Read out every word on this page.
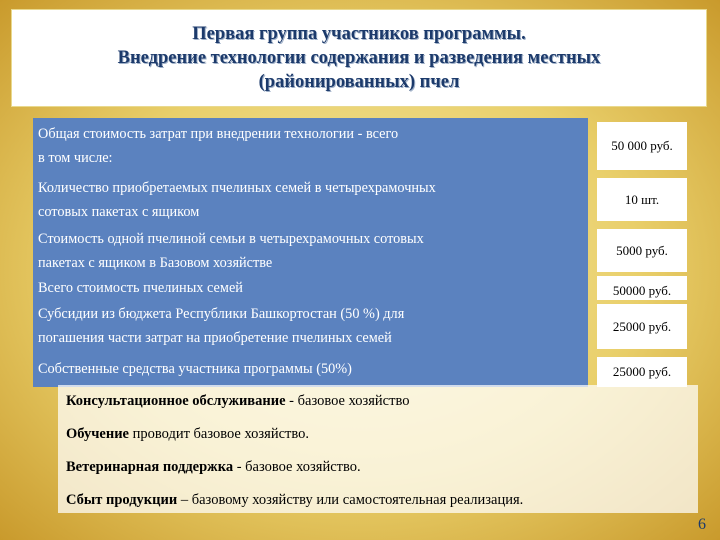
Первая группа участников программы.
Внедрение технологии содержания и разведения местных
(районированных) пчел
Общая стоимость затрат при внедрении технологии - всего
в том числе:
50 000 руб.
Количество приобретаемых пчелиных семей в четырехрамочных
сотовых пакетах с ящиком
10 шт.
Стоимость одной пчелиной семьи в четырехрамочных сотовых
пакетах с ящиком в Базовом хозяйстве
5000 руб.
Всего стоимость пчелиных семей	50000 руб.
Субсидии из бюджета Республики Башкортостан (50 %) для
погашения части затрат на приобретение пчелиных семей
25000 руб.
Собственные средства участника программы (50%)	25000 руб.
Консультационное обслуживание - базовое хозяйство
Обучение проводит базовое хозяйство.
Ветеринарная поддержка - базовое хозяйство.
Сбыт продукции – базовому хозяйству или самостоятельная реализация.
6
